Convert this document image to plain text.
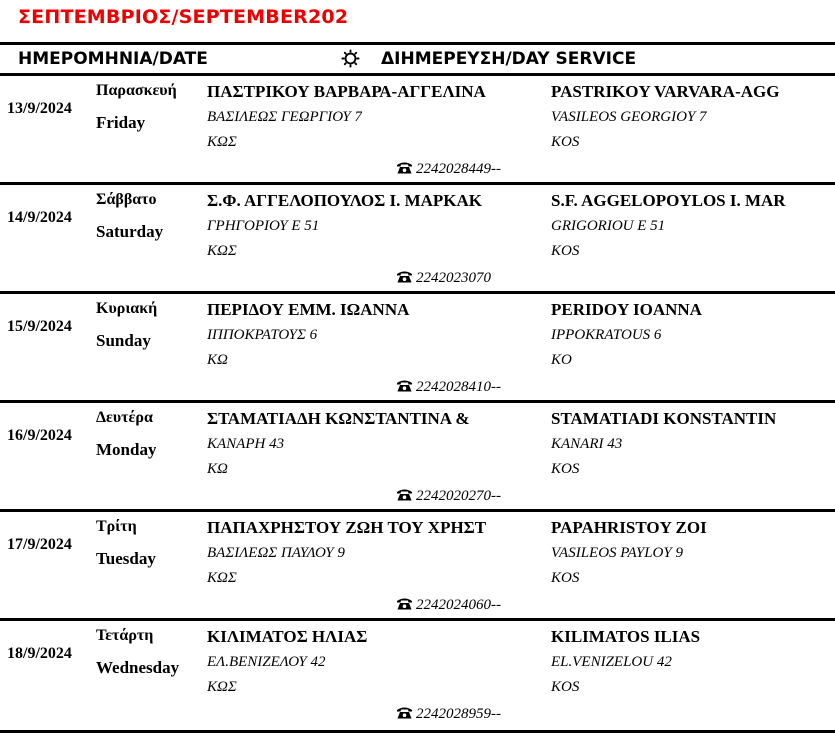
ΣΕΠΤΕΜΒΡΙΟΣ/SEPTEMBER202
ΗΜΕΡΟΜΗΝΙΑ/DATE	ΔΙΗΜΕΡΕΥΣΗ/DAY SERVICE
13/9/2024
Παρασκευή
Friday
ΠΑΣΤΡΙΚΟΥ ΒΑΡΒΑΡΑ-ΑΓΓΕΛΙΝΑ	PASTRIKOY VARVARA-AGG
ΒΑΣΙΛΕΩΣ ΓΕΩΡΓΙΟΥ 7	VASILEOS GEORGIOY 7
ΚΩΣ	KOS
2242028449--
14/9/2024
Σάββατο
Saturday
Σ.Φ. ΑΓΓΕΛΟΠΟΥΛΟΣ Ι. ΜΑΡΚΑΚ	S.F. AGGELOPOYLOS I. MAR
ΓΡΗΓΟΡΙΟΥ Ε 51	GRIGORIOU E 51
ΚΩΣ	KOS
2242023070
15/9/2024
Κυριακή
Sunday
ΠΕΡΙΔΟΥ ΕΜΜ. ΙΩΑΝΝΑ	PERIDOY IOANNA
ΙΠΠΟΚΡΑΤΟΥΣ 6	IPPOKRATOUS 6
ΚΩ	KO
2242028410--
16/9/2024
Δευτέρα
Monday
ΣΤΑΜΑΤΙΑΔΗ ΚΩΝΣΤΑΝΤΙΝΑ &	STAMATIADI KONSTANTIN
ΚΑΝΑΡΗ 43	KANARI 43
ΚΩ	KOS
2242020270--
17/9/2024
Τρίτη
Tuesday
ΠΑΠΑΧΡΗΣΤΟΥ ΖΩΗ ΤΟΥ ΧΡΗΣΤ	PAPAHRISTOY ZOI
ΒΑΣΙΛΕΩΣ ΠΑΥΛΟΥ 9	VASILEOS PAYLOY 9
ΚΩΣ	KOS
2242024060--
18/9/2024
Τετάρτη
Wednesday
ΚΙΛΙΜΑΤΟΣ ΗΛΙΑΣ	KILIMATOS ILIAS
ΕΛ.ΒΕΝΙΖΕΛΟΥ 42	EL.VENIZELOU 42
ΚΩΣ	KOS
2242028959--
